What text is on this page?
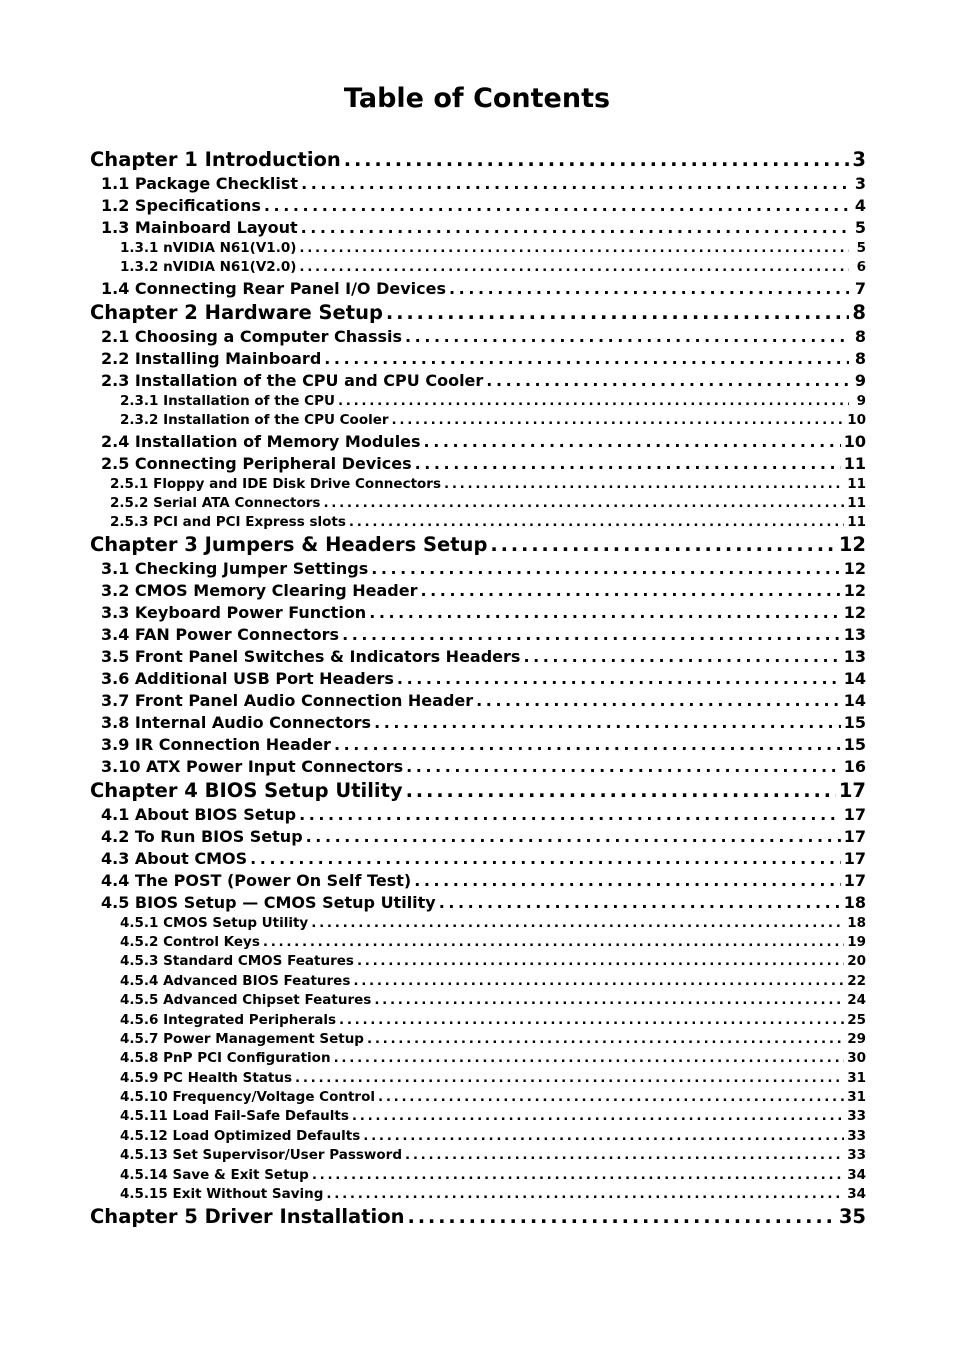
Table of Contents
Chapter 1 Introduction . . .	3
1.1 Package Checklist . . .	3
1.2 Specifications . . .	4
1.3 Mainboard Layout . . .	5
1.3.1 nVIDIA N61(V1.0) . . .	5
1.3.2 nVIDIA N61(V2.0) . . .	6
1.4 Connecting Rear Panel I/O Devices . . .	7
Chapter 2 Hardware Setup . . .	8
2.1 Choosing a Computer Chassis . . .	8
2.2 Installing Mainboard . . .	8
2.3 Installation of the CPU and CPU Cooler . . .	9
2.3.1 Installation of the CPU . . .	9
2.3.2 Installation of the CPU Cooler . . .	10
2.4 Installation of Memory Modules . . .	10
2.5 Connecting Peripheral Devices . . .	11
2.5.1 Floppy and IDE Disk Drive Connectors . . .	11
2.5.2 Serial ATA Connectors . . .	11
2.5.3 PCI and PCI Express slots . . .	11
Chapter 3 Jumpers & Headers Setup . . .	12
3.1 Checking Jumper Settings . . .	12
3.2 CMOS Memory Clearing Header . . .	12
3.3 Keyboard Power Function . . .	12
3.4 FAN Power Connectors . . .	13
3.5 Front Panel Switches & Indicators Headers . . .	13
3.6 Additional USB Port Headers . . .	14
3.7 Front Panel Audio Connection Header . . .	14
3.8 Internal Audio Connectors . . .	15
3.9 IR Connection Header . . .	15
3.10 ATX Power Input Connectors . . .	16
Chapter 4 BIOS Setup Utility . . .	17
4.1 About BIOS Setup . . .	17
4.2 To Run BIOS Setup . . .	17
4.3 About CMOS . . .	17
4.4 The POST (Power On Self Test) . . .	17
4.5 BIOS Setup — CMOS Setup Utility . . .	18
4.5.1 CMOS Setup Utility . . .	18
4.5.2 Control Keys . . .	19
4.5.3 Standard CMOS Features . . .	20
4.5.4 Advanced BIOS Features . . .	22
4.5.5 Advanced Chipset Features . . .	24
4.5.6 Integrated Peripherals . . .	25
4.5.7 Power Management Setup . . .	29
4.5.8 PnP PCI Configuration . . .	30
4.5.9 PC Health Status . . .	31
4.5.10 Frequency/Voltage Control . . .	31
4.5.11 Load Fail-Safe Defaults . . .	33
4.5.12 Load Optimized Defaults . . .	33
4.5.13 Set Supervisor/User Password . . .	33
4.5.14 Save & Exit Setup . . .	34
4.5.15 Exit Without Saving . . .	34
Chapter 5 Driver Installation . . .	35
